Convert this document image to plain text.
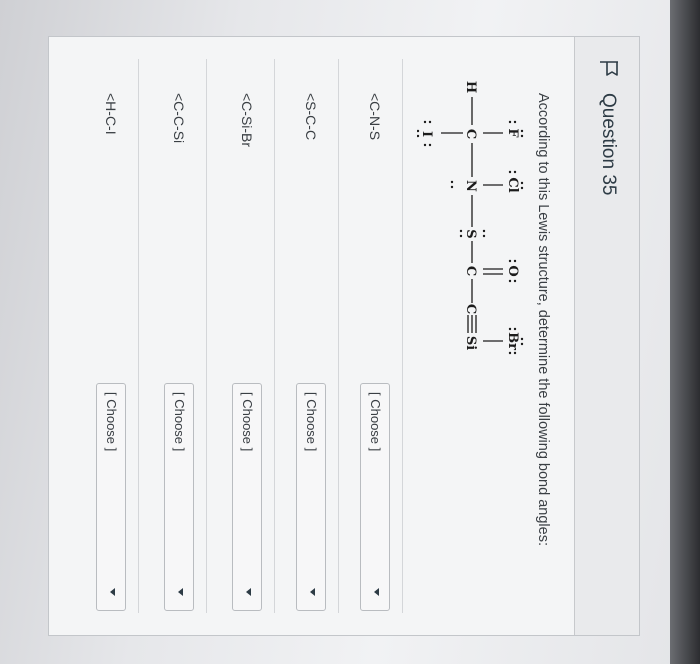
Question 35
According to this Lewis structure, determine the following bond angles:
F
Cl
O
Br
H
C
N
S
C
C
Si
I
<C-N-S
[ Choose ]
<S-C-C
[ Choose ]
<C-Si-Br
[ Choose ]
<C-C-Si
[ Choose ]
<H-C-I
[ Choose ]
